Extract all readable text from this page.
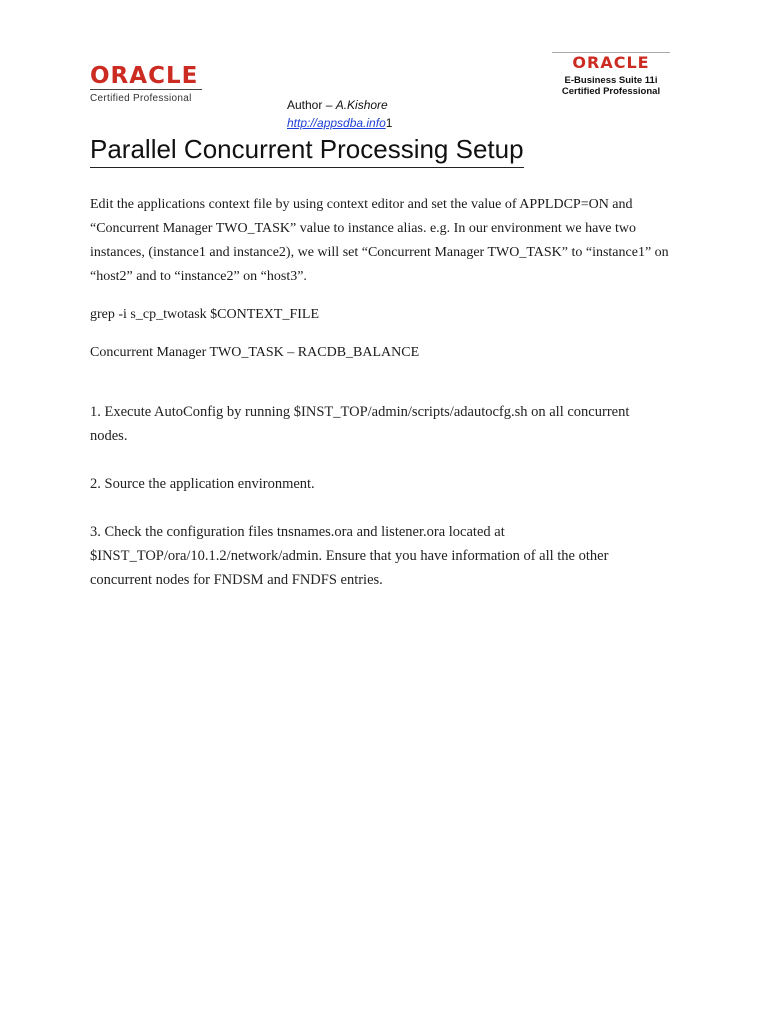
ORACLE
Certified Professional
ORACLE
E-Business Suite 11i
Certified Professional
Author – A.Kishore
http://appsdba.info1
Parallel Concurrent Processing Setup
Edit the applications context file by using context editor and set the value of APPLDCP=ON and “Concurrent Manager TWO_TASK” value to instance alias. e.g. In our environment we have two instances, (instance1 and instance2), we will set “Concurrent Manager TWO_TASK” to “instance1” on “host2” and to “instance2” on “host3”.
grep -i s_cp_twotask $CONTEXT_FILE
Concurrent Manager TWO_TASK – RACDB_BALANCE
1. Execute AutoConfig by running $INST_TOP/admin/scripts/adautocfg.sh on all concurrent nodes.
2. Source the application environment.
3. Check the configuration files tnsnames.ora and listener.ora located at $INST_TOP/ora/10.1.2/network/admin. Ensure that you have information of all the other concurrent nodes for FNDSM and FNDFS entries.
